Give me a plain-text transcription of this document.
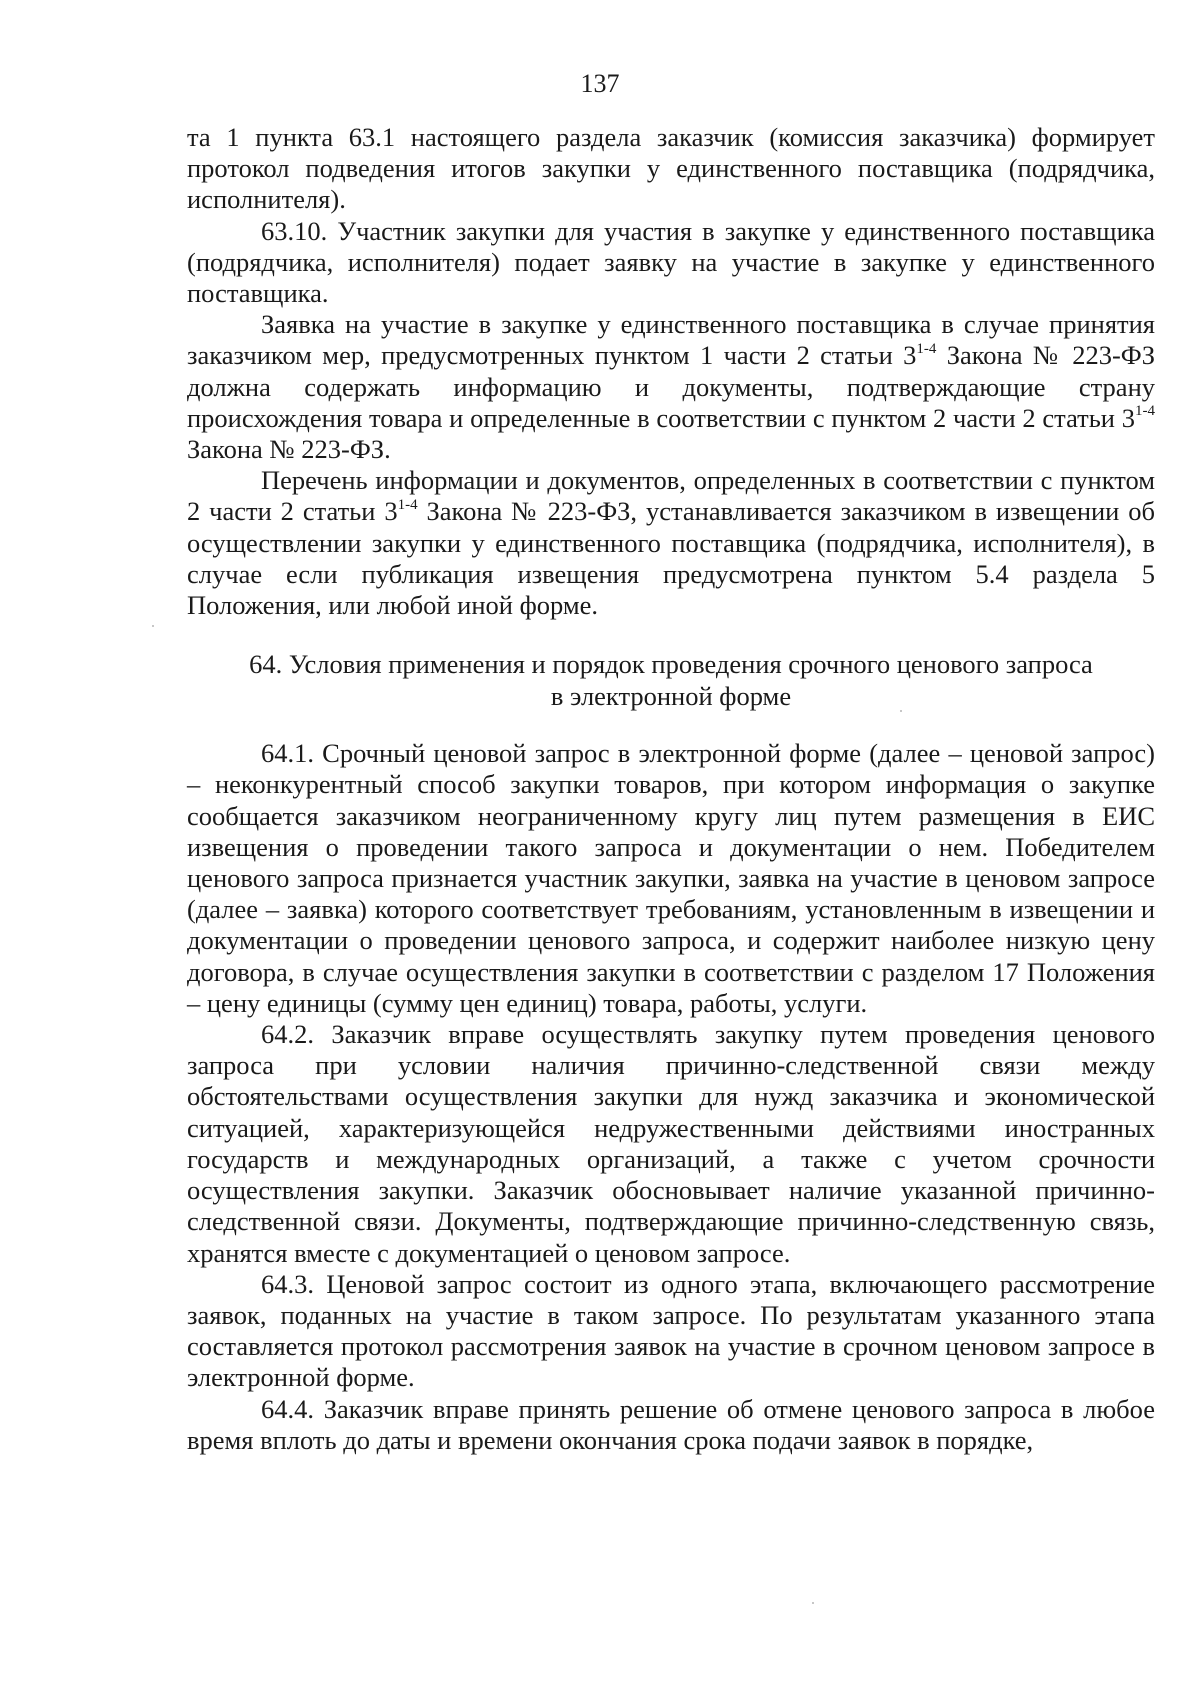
137

та 1 пункта 63.1 настоящего раздела заказчик (комиссия заказчика) формирует протокол подведения итогов закупки у единственного поставщика (подрядчика, исполнителя).

63.10. Участник закупки для участия в закупке у единственного поставщика (подрядчика, исполнителя) подает заявку на участие в закупке у единственного поставщика.

Заявка на участие в закупке у единственного поставщика в случае принятия заказчиком мер, предусмотренных пунктом 1 части 2 статьи 3$^{1-4}$ Закона № 223-ФЗ должна содержать информацию и документы, подтверждающие страну происхождения товара и определенные в соответствии с пунктом 2 части 2 статьи 3$^{1-4}$ Закона № 223-ФЗ.

Перечень информации и документов, определенных в соответствии с пунктом 2 части 2 статьи 3$^{1-4}$ Закона № 223-ФЗ, устанавливается заказчиком в извещении об осуществлении закупки у единственного поставщика (подрядчика, исполнителя), в случае если публикация извещения предусмотрена пунктом 5.4 раздела 5 Положения, или любой иной форме.

64. Условия применения и порядок проведения срочного ценового запроса
в электронной форме

64.1. Срочный ценовой запрос в электронной форме (далее – ценовой запрос) – неконкурентный способ закупки товаров, при котором информация о закупке сообщается заказчиком неограниченному кругу лиц путем размещения в ЕИС извещения о проведении такого запроса и документации о нем. Победителем ценового запроса признается участник закупки, заявка на участие в ценовом запросе (далее – заявка) которого соответствует требованиям, установленным в извещении и документации о проведении ценового запроса, и содержит наиболее низкую цену договора, в случае осуществления закупки в соответствии с разделом 17 Положения – цену единицы (сумму цен единиц) товара, работы, услуги.

64.2. Заказчик вправе осуществлять закупку путем проведения ценового запроса при условии наличия причинно-следственной связи между обстоятельствами осуществления закупки для нужд заказчика и экономической ситуацией, характеризующейся недружественными действиями иностранных государств и международных организаций, а также с учетом срочности осуществления закупки. Заказчик обосновывает наличие указанной причинно-следственной связи. Документы, подтверждающие причинно-следственную связь, хранятся вместе с документацией о ценовом запросе.

64.3. Ценовой запрос состоит из одного этапа, включающего рассмотрение заявок, поданных на участие в таком запросе. По результатам указанного этапа составляется протокол рассмотрения заявок на участие в срочном ценовом запросе в электронной форме.

64.4. Заказчик вправе принять решение об отмене ценового запроса в любое время вплоть до даты и времени окончания срока подачи заявок в порядке,
